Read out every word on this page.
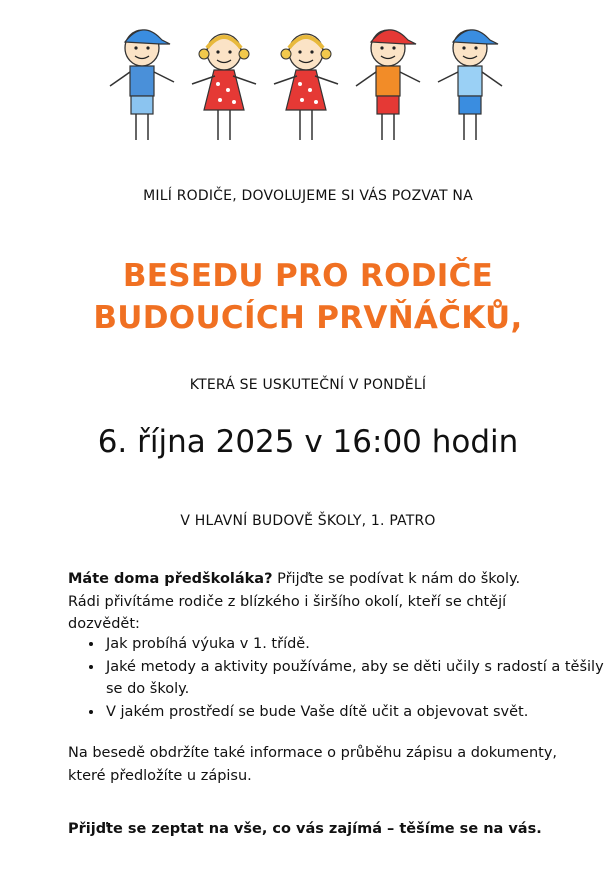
MILÍ RODIČE, DOVOLUJEME SI VÁS POZVAT NA
BESEDU PRO RODIČE
BUDOUCÍCH PRVŇÁČKŮ,
KTERÁ SE USKUTEČNÍ V PONDĚLÍ
6. října 2025 v 16:00 hodin
V HLAVNÍ BUDOVĚ ŠKOLY, 1. PATRO
Máte doma předškoláka? Přijďte se podívat k nám do školy.
Rádi přivítáme rodiče z blízkého i širšího okolí, kteří se chtějí dozvědět:
• Jak probíhá výuka v 1. třídě.
• Jaké metody a aktivity používáme, aby se děti učily s radostí a těšily se do školy.
• V jakém prostředí se bude Vaše dítě učit a objevovat svět.
Na besedě obdržíte také informace o průběhu zápisu a dokumenty, které předložíte u zápisu.
Přijďte se zeptat na vše, co vás zajímá – těšíme se na vás.
